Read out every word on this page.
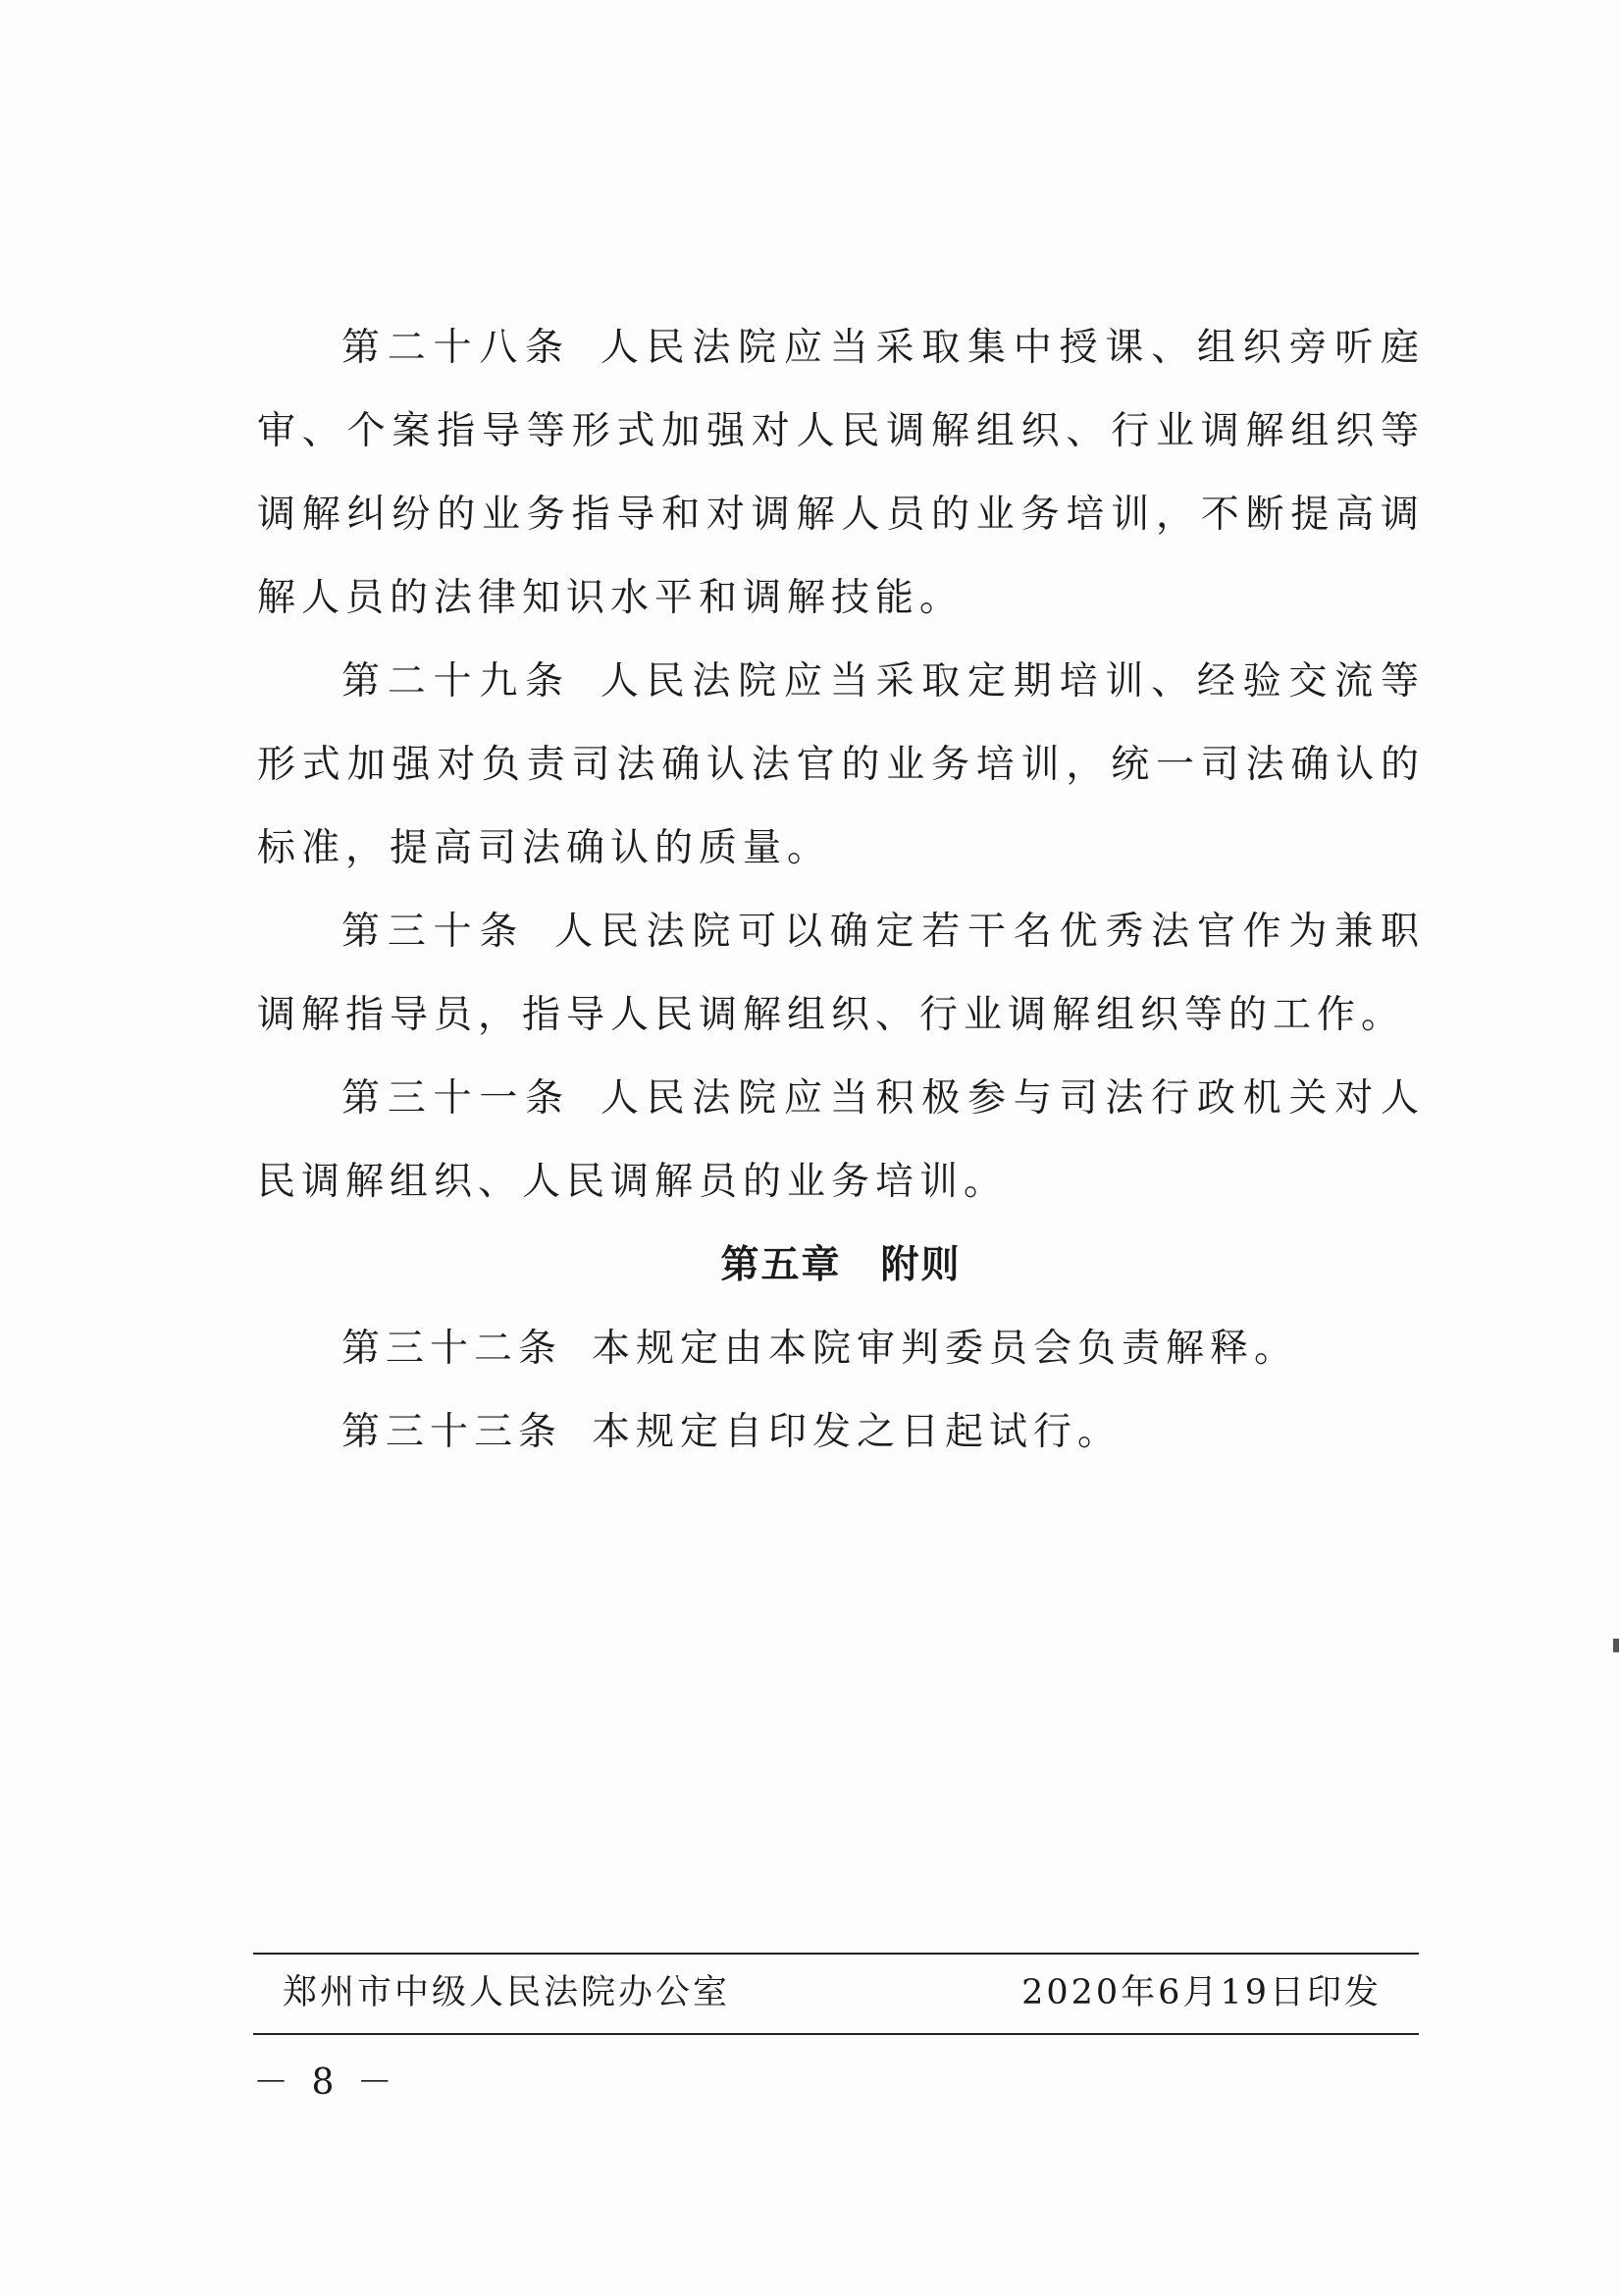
第二十八条 人民法院应当采取集中授课、组织旁听庭审、个案指导等形式加强对人民调解组织、行业调解组织等调解纠纷的业务指导和对调解人员的业务培训，不断提高调解人员的法律知识水平和调解技能。

第二十九条 人民法院应当采取定期培训、经验交流等形式加强对负责司法确认法官的业务培训，统一司法确认的标准，提高司法确认的质量。

第三十条 人民法院可以确定若干名优秀法官作为兼职调解指导员，指导人民调解组织、行业调解组织等的工作。

第三十一条 人民法院应当积极参与司法行政机关对人民调解组织、人民调解员的业务培训。

第五章 附则

第三十二条 本规定由本院审判委员会负责解释。

第三十三条 本规定自印发之日起试行。

郑州市中级人民法院办公室	2020年6月19日印发
－ 8 －
